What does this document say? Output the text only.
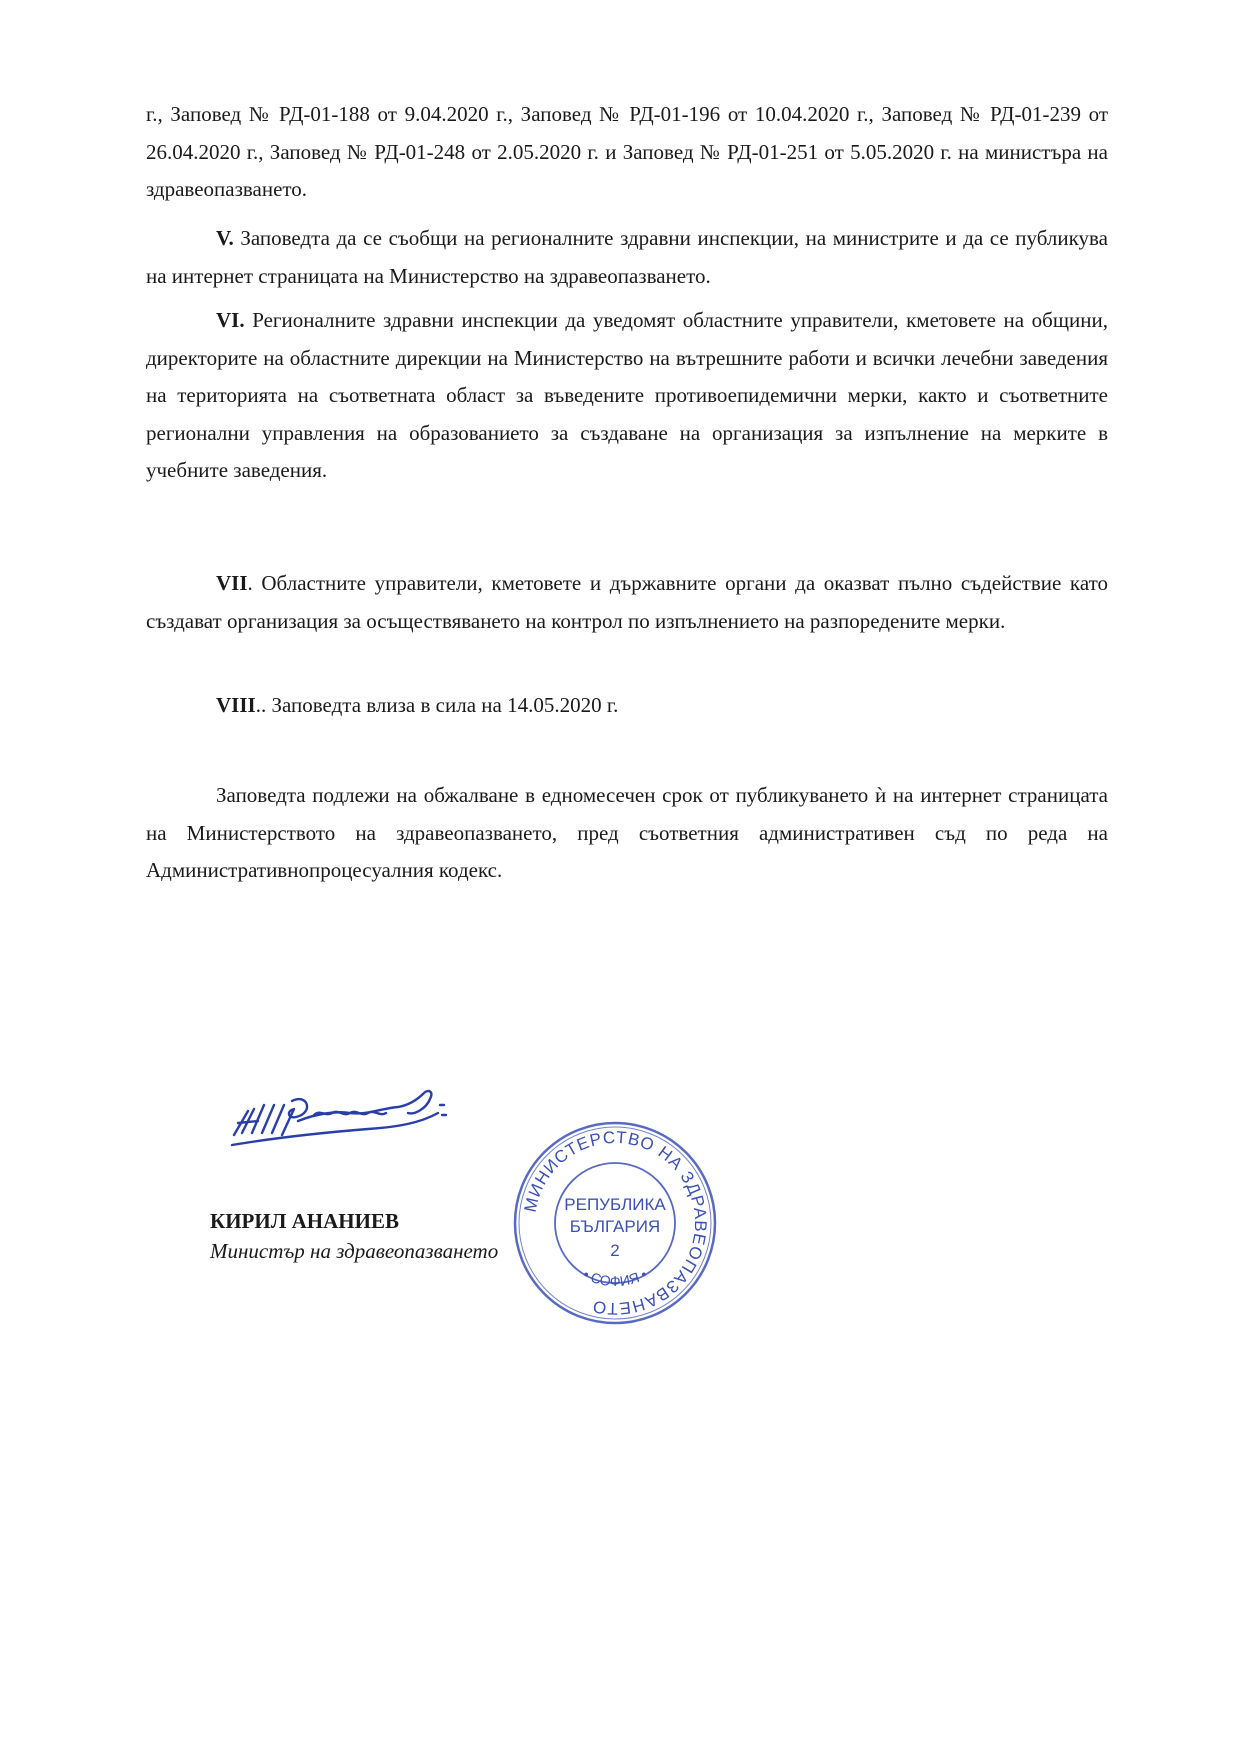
г., Заповед № РД-01-188 от 9.04.2020 г., Заповед № РД-01-196 от 10.04.2020 г., Заповед № РД-01-239 от 26.04.2020 г., Заповед № РД-01-248 от 2.05.2020 г. и Заповед № РД-01-251 от 5.05.2020 г. на министъра на здравеопазването.

V. Заповедта да се съобщи на регионалните здравни инспекции, на министрите и да се публикува на интернет страницата на Министерство на здравеопазването.

VI. Регионалните здравни инспекции да уведомят областните управители, кметовете на общини, директорите на областните дирекции на Министерство на вътрешните работи и всички лечебни заведения на територията на съответната област за въведените противоепидемични мерки, както и съответните регионални управления на образованието за създаване на организация за изпълнение на мерките в учебните заведения.

VII. Областните управители, кметовете и държавните органи да оказват пълно съдействие като създават организация за осъществяването на контрол по изпълнението на разпоредените мерки.

VIII.. Заповедта влиза в сила на 14.05.2020 г.

Заповедта подлежи на обжалване в едномесечен срок от публикуването ѝ на интернет страницата на Министерството на здравеопазването, пред съответния административен съд по реда на Административнопроцесуалния кодекс.

КИРИЛ АНАНИЕВ

Министър на здравеопазването

МИНИСТЕРСТВО НА ЗДРАВЕОПАЗВАНЕТО
• СОФИЯ •
РЕПУБЛИКА
БЪЛГАРИЯ
2
